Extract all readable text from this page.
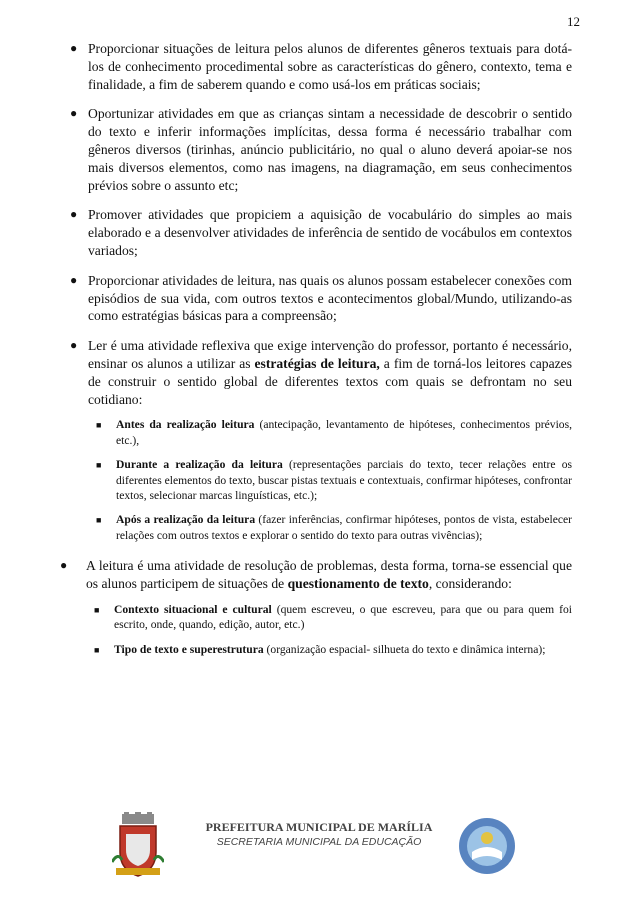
12
● Proporcionar situações de leitura pelos alunos de diferentes gêneros textuais para dotá-los de conhecimento procedimental sobre as características do gênero, contexto, tema e finalidade, a fim de saberem quando e como usá-los em práticas sociais;
● Oportunizar atividades em que as crianças sintam a necessidade de descobrir o sentido do texto e inferir informações implícitas, dessa forma é necessário trabalhar com gêneros diversos (tirinhas, anúncio publicitário, no qual o aluno deverá apoiar-se nos mais diversos elementos, como nas imagens, na diagramação, em seus conhecimentos prévios sobre o assunto etc;
● Promover atividades que propiciem a aquisição de vocabulário do simples ao mais elaborado e a desenvolver atividades de inferência de sentido de vocábulos em contextos variados;
● Proporcionar atividades de leitura, nas quais os alunos possam estabelecer conexões com episódios de sua vida, com outros textos e acontecimentos global/Mundo, utilizando-as como estratégias básicas para a compreensão;
● Ler é uma atividade reflexiva que exige intervenção do professor, portanto é necessário, ensinar os alunos a utilizar as estratégias de leitura, a fim de torná-los leitores capazes de construir o sentido global de diferentes textos com quais se defrontam no seu cotidiano:
■ Antes da realização leitura (antecipação, levantamento de hipóteses, conhecimentos prévios, etc.),
■ Durante a realização da leitura (representações parciais do texto, tecer relações entre os diferentes elementos do texto, buscar pistas textuais e contextuais, confirmar hipóteses, confrontar textos, selecionar marcas linguísticas, etc.);
■ Após a realização da leitura (fazer inferências, confirmar hipóteses, pontos de vista, estabelecer relações com outros textos e explorar o sentido do texto para outras vivências);
● A leitura é uma atividade de resolução de problemas, desta forma, torna-se essencial que os alunos participem de situações de questionamento de texto, considerando:
■ Contexto situacional e cultural (quem escreveu, o que escreveu, para que ou para quem foi escrito, onde, quando, edição, autor, etc.)
■ Tipo de texto e superestrutura (organização espacial- silhueta do texto e dinâmica interna);
PREFEITURA MUNICIPAL DE MARÍLIA
SECRETARIA MUNICIPAL DA EDUCAÇÃO
